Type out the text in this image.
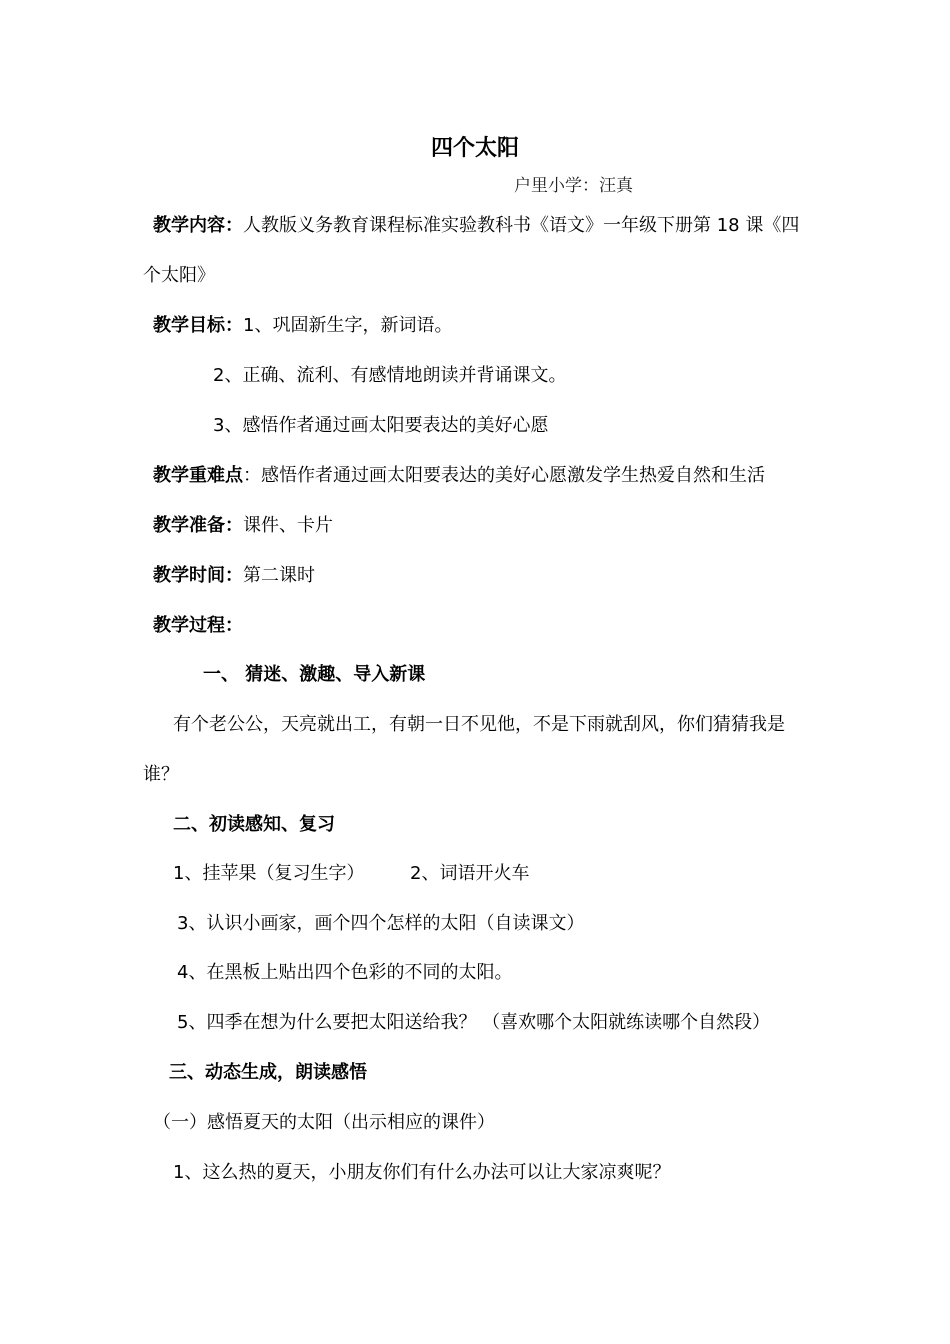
四个太阳
户里小学：汪真
教学内容：人教版义务教育课程标准实验教科书《语文》一年级下册第 18 课《四
个太阳》
教学目标：1、巩固新生字，新词语。
2、正确、流利、有感情地朗读并背诵课文。
3、感悟作者通过画太阳要表达的美好心愿
教学重难点：感悟作者通过画太阳要表达的美好心愿激发学生热爱自然和生活
教学准备：课件、卡片
教学时间：第二课时
教学过程：
一、 猜迷、激趣、导入新课
有个老公公，天亮就出工，有朝一日不见他，不是下雨就刮风，你们猜猜我是
谁？
二、初读感知、复习
1、挂苹果（复习生字）	2、词语开火车
3、认识小画家，画个四个怎样的太阳（自读课文）
4、在黑板上贴出四个色彩的不同的太阳。
5、四季在想为什么要把太阳送给我？ （喜欢哪个太阳就练读哪个自然段）
三、动态生成，朗读感悟
（一）感悟夏天的太阳（出示相应的课件）
1、这么热的夏天，小朋友你们有什么办法可以让大家凉爽呢？
